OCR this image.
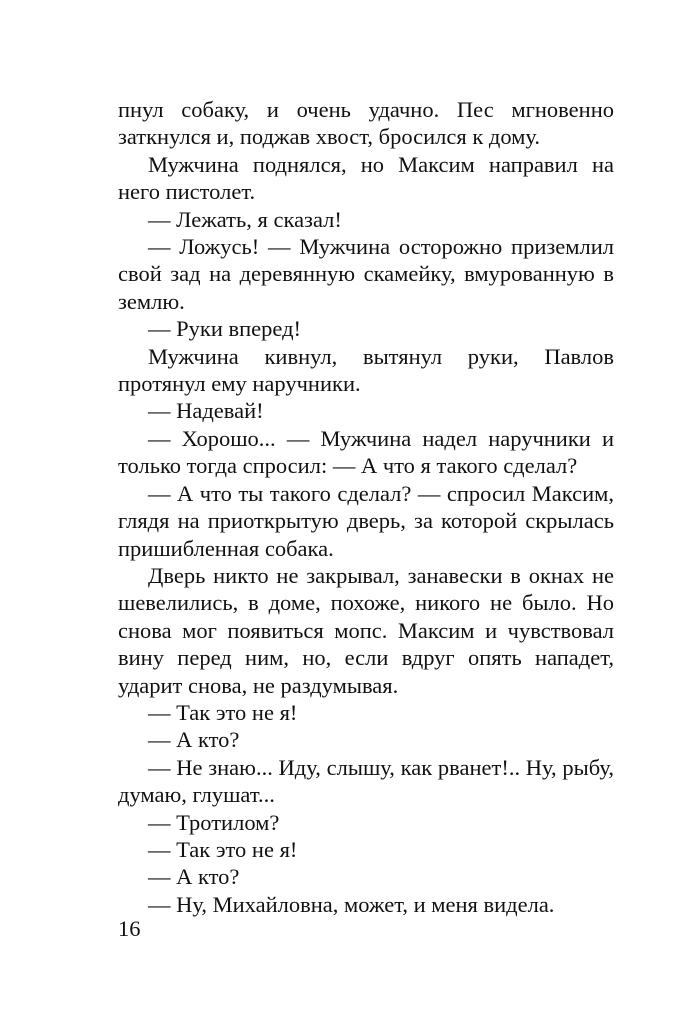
пнул собаку, и очень удачно. Пес мгновенно заткнулся и, поджав хвост, бросился к дому.

Мужчина поднялся, но Максим направил на него пистолет.

— Лежать, я сказал!

— Ложусь! — Мужчина осторожно приземлил свой зад на деревянную скамейку, вмурованную в землю.

— Руки вперед!

Мужчина кивнул, вытянул руки, Павлов протянул ему наручники.

— Надевай!

— Хорошо... — Мужчина надел наручники и только тогда спросил: — А что я такого сделал?

— А что ты такого сделал? — спросил Максим, глядя на приоткрытую дверь, за которой скрылась пришибленная собака.

Дверь никто не закрывал, занавески в окнах не шевелились, в доме, похоже, никого не было. Но снова мог появиться мопс. Максим и чувствовал вину перед ним, но, если вдруг опять нападет, ударит снова, не раздумывая.

— Так это не я!

— А кто?

— Не знаю... Иду, слышу, как рванет!.. Ну, рыбу, думаю, глушат...

— Тротилом?

— Так это не я!

— А кто?

— Ну, Михайловна, может, и меня видела.

16
